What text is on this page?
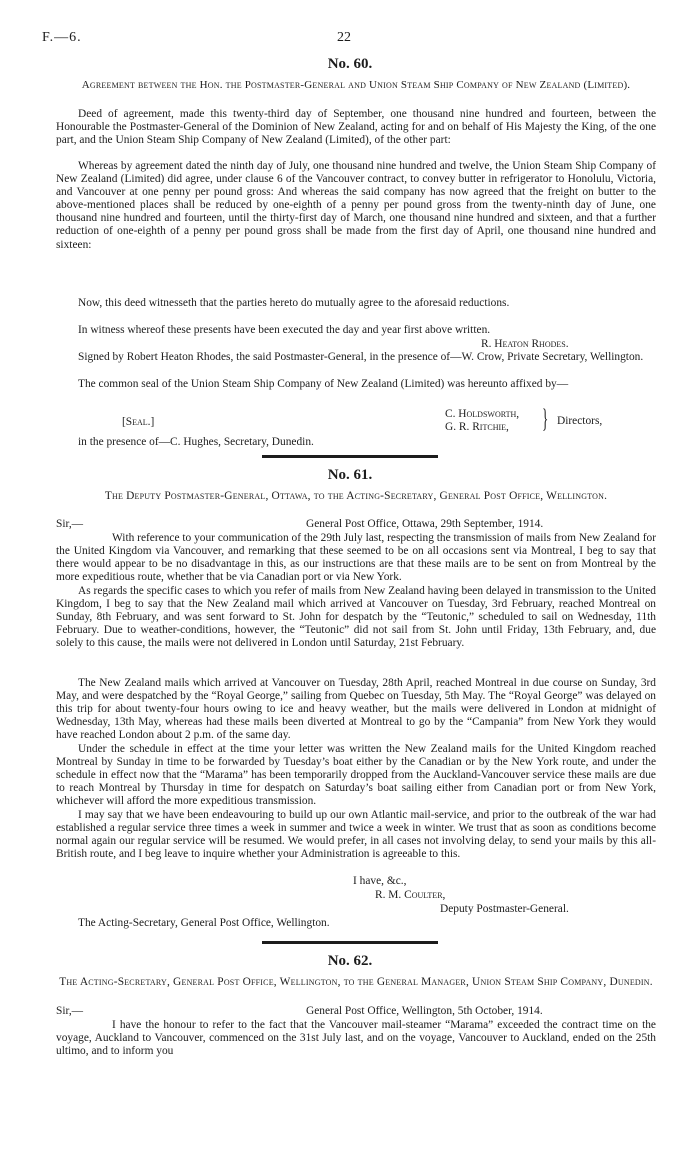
F.—6.	22
No. 60.
Agreement between the Hon. the Postmaster-General and Union Steam Ship Company of New Zealand (Limited).
Deed of agreement, made this twenty-third day of September, one thousand nine hundred and fourteen, between the Honourable the Postmaster-General of the Dominion of New Zealand, acting for and on behalf of His Majesty the King, of the one part, and the Union Steam Ship Company of New Zealand (Limited), of the other part:
Whereas by agreement dated the ninth day of July, one thousand nine hundred and twelve, the Union Steam Ship Company of New Zealand (Limited) did agree, under clause 6 of the Vancouver contract, to convey butter in refrigerator to Honolulu, Victoria, and Vancouver at one penny per pound gross: And whereas the said company has now agreed that the freight on butter to the above-mentioned places shall be reduced by one-eighth of a penny per pound gross from the twenty-ninth day of June, one thousand nine hundred and fourteen, until the thirty-first day of March, one thousand nine hundred and sixteen, and that a further reduction of one-eighth of a penny per pound gross shall be made from the first day of April, one thousand nine hundred and sixteen:
Now, this deed witnesseth that the parties hereto do mutually agree to the aforesaid reductions.
In witness whereof these presents have been executed the day and year first above written.
R. Heaton Rhodes.
Signed by Robert Heaton Rhodes, the said Postmaster-General, in the presence of—W. Crow, Private Secretary, Wellington.
The common seal of the Union Steam Ship Company of New Zealand (Limited) was hereunto affixed by—
[Seal.]
C. Holdsworth,
G. R. Ritchie, } Directors,
in the presence of—C. Hughes, Secretary, Dunedin.
No. 61.
The Deputy Postmaster-General, Ottawa, to the Acting-Secretary, General Post Office, Wellington.
Sir,—	General Post Office, Ottawa, 29th September, 1914.
With reference to your communication of the 29th July last, respecting the transmission of mails from New Zealand for the United Kingdom via Vancouver, and remarking that these seemed to be on all occasions sent via Montreal, I beg to say that there would appear to be no disadvantage in this, as our instructions are that these mails are to be sent on from Montreal by the more expeditious route, whether that be via Canadian port or via New York.
As regards the specific cases to which you refer of mails from New Zealand having been delayed in transmission to the United Kingdom, I beg to say that the New Zealand mail which arrived at Vancouver on Tuesday, 3rd February, reached Montreal on Sunday, 8th February, and was sent forward to St. John for despatch by the “Teutonic,” scheduled to sail on Wednesday, 11th February. Due to weather-conditions, however, the “Teutonic” did not sail from St. John until Friday, 13th February, and, due solely to this cause, the mails were not delivered in London until Saturday, 21st February.
The New Zealand mails which arrived at Vancouver on Tuesday, 28th April, reached Montreal in due course on Sunday, 3rd May, and were despatched by the “Royal George,” sailing from Quebec on Tuesday, 5th May. The “Royal George” was delayed on this trip for about twenty-four hours owing to ice and heavy weather, but the mails were delivered in London at midnight of Wednesday, 13th May, whereas had these mails been diverted at Montreal to go by the “Campania” from New York they would have reached London about 2 p.m. of the same day.
Under the schedule in effect at the time your letter was written the New Zealand mails for the United Kingdom reached Montreal by Sunday in time to be forwarded by Tuesday’s boat either by the Canadian or by the New York route, and under the schedule in effect now that the “Marama” has been temporarily dropped from the Auckland-Vancouver service these mails are due to reach Montreal by Thursday in time for despatch on Saturday’s boat sailing either from Canadian port or from New York, whichever will afford the more expeditious transmission.
I may say that we have been endeavouring to build up our own Atlantic mail-service, and prior to the outbreak of the war had established a regular service three times a week in summer and twice a week in winter. We trust that as soon as conditions become normal again our regular service will be resumed. We would prefer, in all cases not involving delay, to send your mails by this all-British route, and I beg leave to inquire whether your Administration is agreeable to this.
I have, &c.,
R. M. Coulter,
Deputy Postmaster-General.
The Acting-Secretary, General Post Office, Wellington.
No. 62.
The Acting-Secretary, General Post Office, Wellington, to the General Manager, Union Steam Ship Company, Dunedin.
Sir,—	General Post Office, Wellington, 5th October, 1914.
I have the honour to refer to the fact that the Vancouver mail-steamer “Marama” exceeded the contract time on the voyage, Auckland to Vancouver, commenced on the 31st July last, and on the voyage, Vancouver to Auckland, ended on the 25th ultimo, and to inform you
